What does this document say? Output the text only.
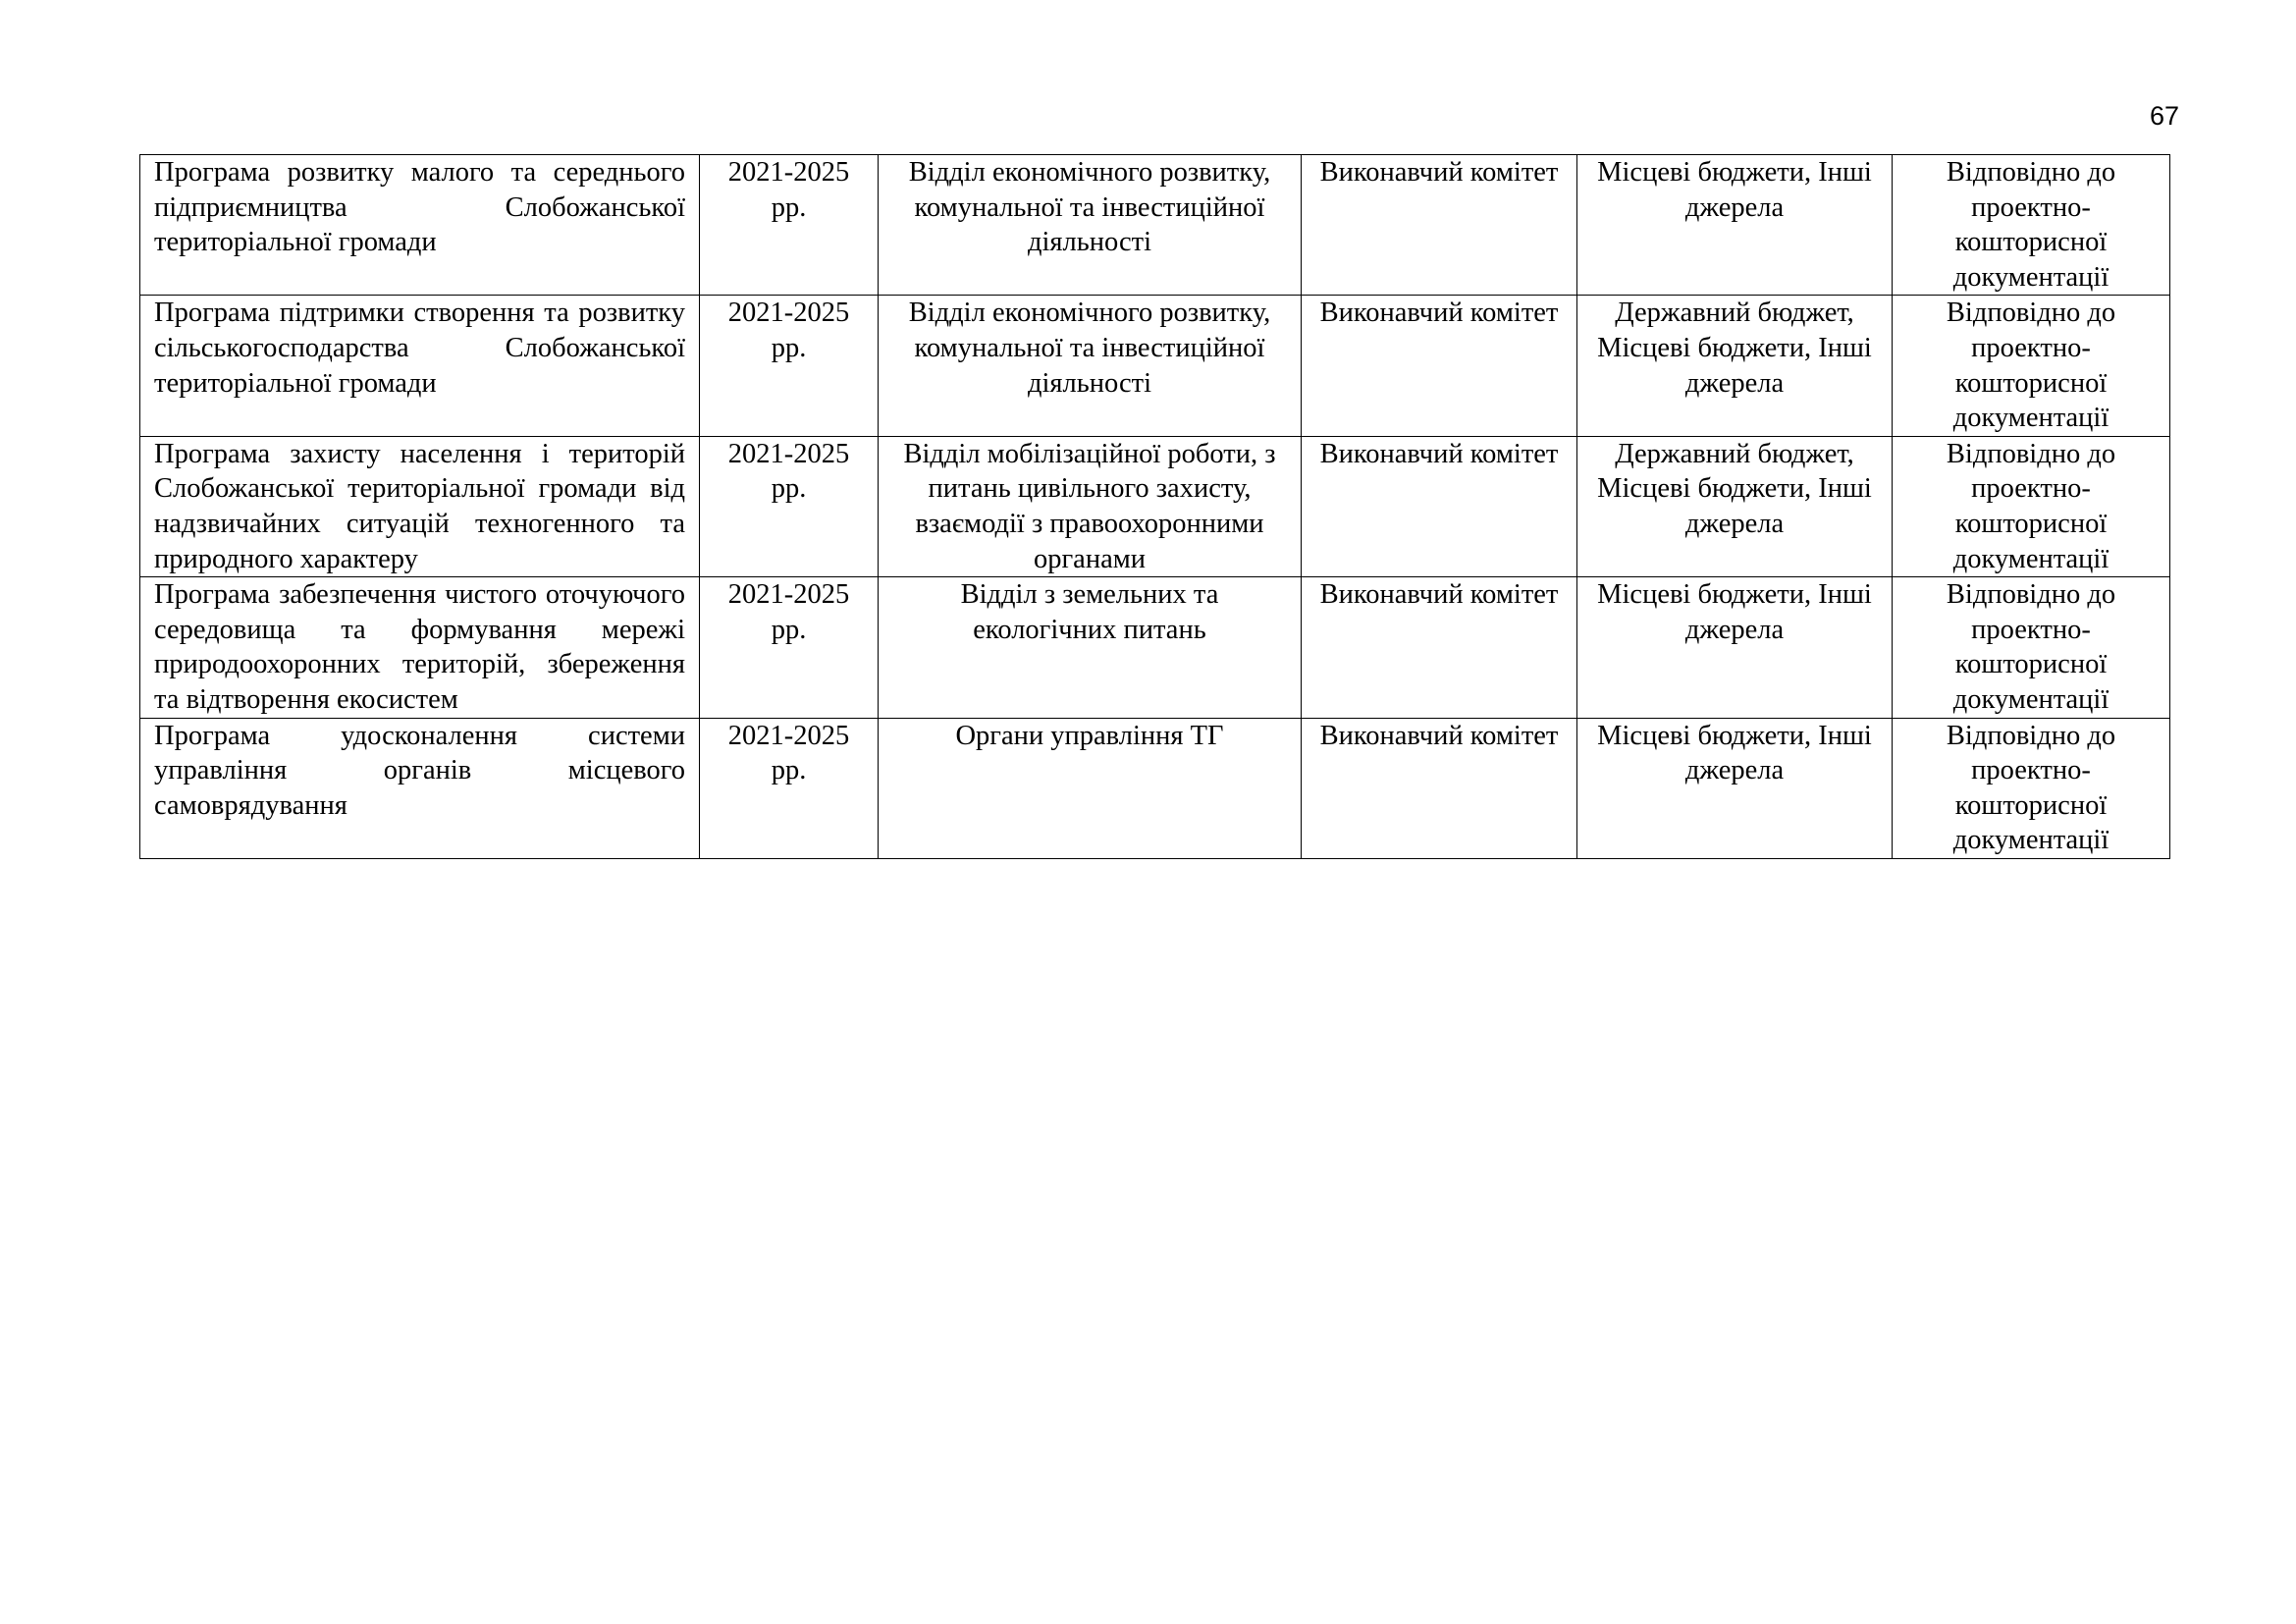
67
Програма розвитку малого та середнього підприємництва Слобожанської територіальної громади	2021-2025 рр.	Відділ економічного розвитку, комунальної та інвестиційної діяльності	Виконавчий комітет	Місцеві бюджети, Інші джерела	Відповідно до проектно-кошторисної документації

Програма підтримки створення та розвитку сільськогосподарства Слобожанської територіальної громади	2021-2025 рр.	Відділ економічного розвитку, комунальної та інвестиційної діяльності	Виконавчий комітет	Державний бюджет, Місцеві бюджети, Інші джерела	Відповідно до проектно-кошторисної документації

Програма захисту населення і територій Слобожанської територіальної громади від надзвичайних ситуацій техногенного та природного характеру	2021-2025 рр.	Відділ мобілізаційної роботи, з питань цивільного захисту, взаємодії з правоохоронними органами	Виконавчий комітет	Державний бюджет, Місцеві бюджети, Інші джерела	Відповідно до проектно-кошторисної документації

Програма забезпечення чистого оточуючого середовища та формування мережі природоохоронних територій, збереження та відтворення екосистем	2021-2025 рр.	Відділ з земельних та екологічних питань	Виконавчий комітет	Місцеві бюджети, Інші джерела	Відповідно до проектно-кошторисної документації

Програма удосконалення системи управління органів місцевого самоврядування	2021-2025 рр.	Органи управління ТГ	Виконавчий комітет	Місцеві бюджети, Інші джерела	Відповідно до проектно-кошторисної документації
